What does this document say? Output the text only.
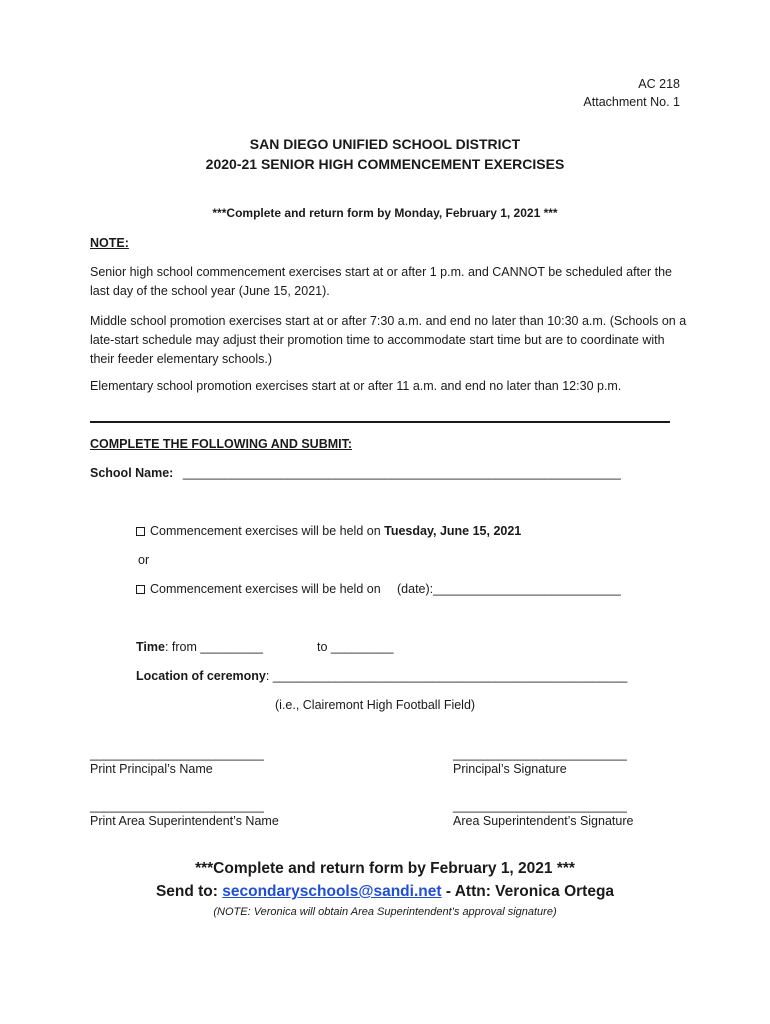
AC 218
Attachment No. 1
SAN DIEGO UNIFIED SCHOOL DISTRICT
2020-21 SENIOR HIGH COMMENCEMENT EXERCISES
***Complete and return form by Monday, February 1, 2021 ***
NOTE:
Senior high school commencement exercises start at or after 1 p.m. and CANNOT be scheduled after the last day of the school year (June 15, 2021).
Middle school promotion exercises start at or after 7:30 a.m. and end no later than 10:30 a.m. (Schools on a late-start schedule may adjust their promotion time to accommodate start time but are to coordinate with their feeder elementary schools.)
Elementary school promotion exercises start at or after 11 a.m. and end no later than 12:30 p.m.
COMPLETE THE FOLLOWING AND SUBMIT:
School Name: _______________________________________________________________
Commencement exercises will be held on Tuesday, June 15, 2021
or
Commencement exercises will be held on (date):___________________________
Time: from _________	to _________
Location of ceremony: ___________________________________________________
(i.e., Clairemont High Football Field)
_________________________
Print Principal’s Name
_________________________
Principal’s Signature
_________________________
Print Area Superintendent’s Name
_________________________
Area Superintendent’s Signature
***Complete and return form by February 1, 2021 ***
Send to: secondaryschools@sandi.net - Attn: Veronica Ortega
(NOTE: Veronica will obtain Area Superintendent’s approval signature)
